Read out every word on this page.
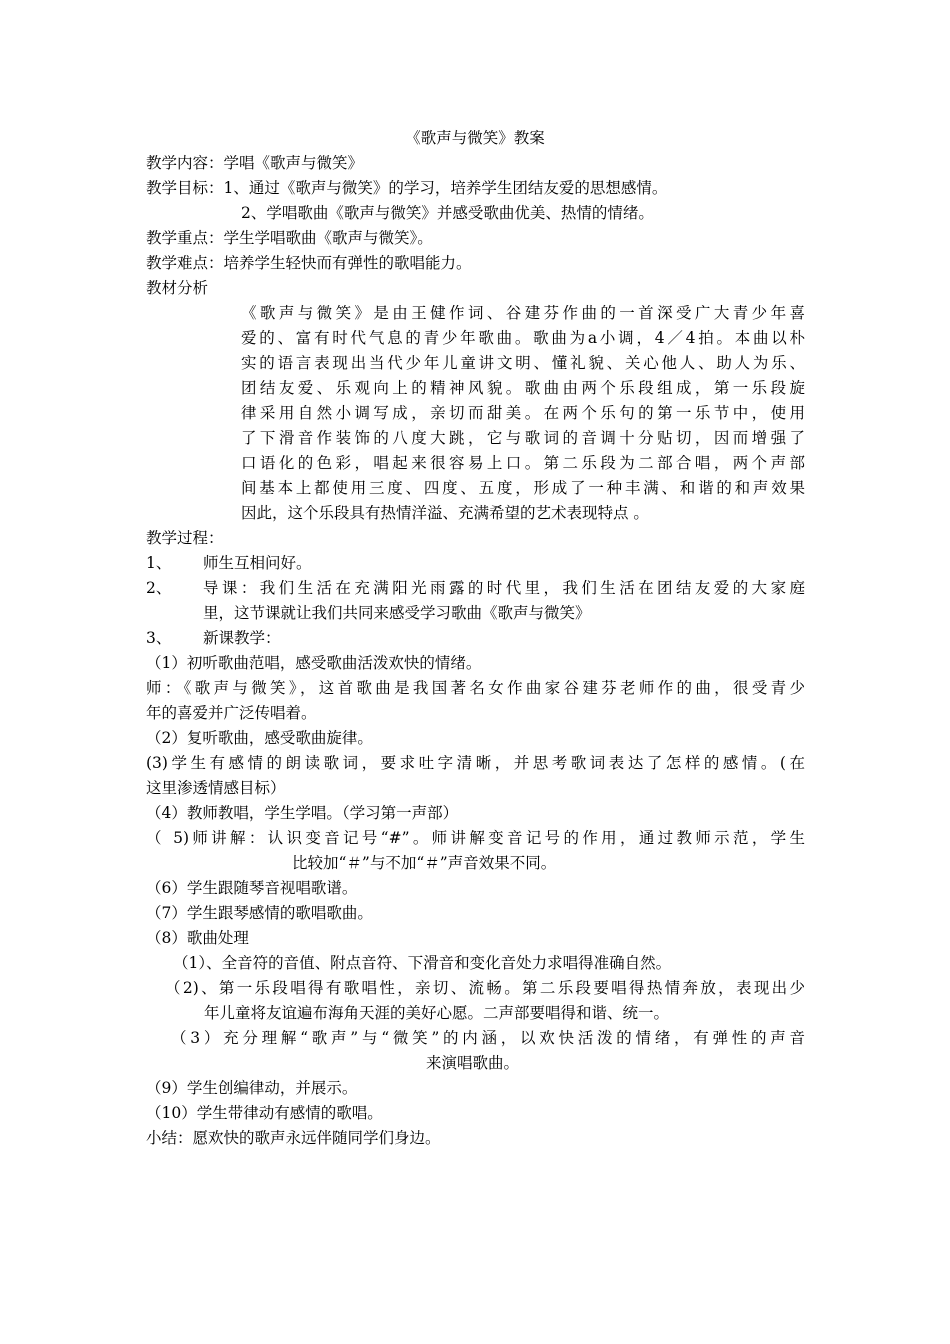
《歌声与微笑》教案
教学内容：学唱《歌声与微笑》
教学目标：1、通过《歌声与微笑》的学习，培养学生团结友爱的思想感情。
2、学唱歌曲《歌声与微笑》并感受歌曲优美、热情的情绪。
教学重点：学生学唱歌曲《歌声与微笑》。
教学难点：培养学生轻快而有弹性的歌唱能力。
教材分析
《歌声与微笑》是由王健作词、谷建芬作曲的一首深受广大青少年喜
爱的、富有时代气息的青少年歌曲。歌曲为a小调，4／4拍。本曲以朴
实的语言表现出当代少年儿童讲文明、懂礼貌、关心他人、助人为乐、
团结友爱、乐观向上的精神风貌。歌曲由两个乐段组成，第一乐段旋
律采用自然小调写成，亲切而甜美。在两个乐句的第一乐节中，使用
了下滑音作装饰的八度大跳，它与歌词的音调十分贴切，因而增强了
口语化的色彩，唱起来很容易上口。第二乐段为二部合唱，两个声部
间基本上都使用三度、四度、五度，形成了一种丰满、和谐的和声效果
因此，这个乐段具有热情洋溢、充满希望的艺术表现特点 。
教学过程：
1、 师生互相问好。
2、 导课：我们生活在充满阳光雨露的时代里，我们生活在团结友爱的大家庭
里，这节课就让我们共同来感受学习歌曲《歌声与微笑》
3、 新课教学：
（1）初听歌曲范唱，感受歌曲活泼欢快的情绪。
师：《歌声与微笑》，这首歌曲是我国著名女作曲家谷建芬老师作的曲，很受青少
年的喜爱并广泛传唱着。
（2）复听歌曲，感受歌曲旋律。
(3)学生有感情的朗读歌词，要求吐字清晰，并思考歌词表达了怎样的感情。(在
这里渗透情感目标）
（4）教师教唱，学生学唱。（学习第一声部）
（ 5)师讲解：认识变音记号“#”。师讲解变音记号的作用，通过教师示范，学生
比较加“＃”与不加“＃”声音效果不同。
（6）学生跟随琴音视唱歌谱。
（7）学生跟琴感情的歌唱歌曲。
（8）歌曲处理
（1）、全音符的音值、附点音符、下滑音和变化音处力求唱得准确自然。
（2)、第一乐段唱得有歌唱性，亲切、流畅。第二乐段要唱得热情奔放，表现出少
年儿童将友谊遍布海角天涯的美好心愿。二声部要唱得和谐、统一。
（3）充分理解“歌声”与“微笑”的内涵，以欢快活泼的情绪，有弹性的声音
来演唱歌曲。
（9）学生创编律动，并展示。
（10）学生带律动有感情的歌唱。
小结：愿欢快的歌声永远伴随同学们身边。
